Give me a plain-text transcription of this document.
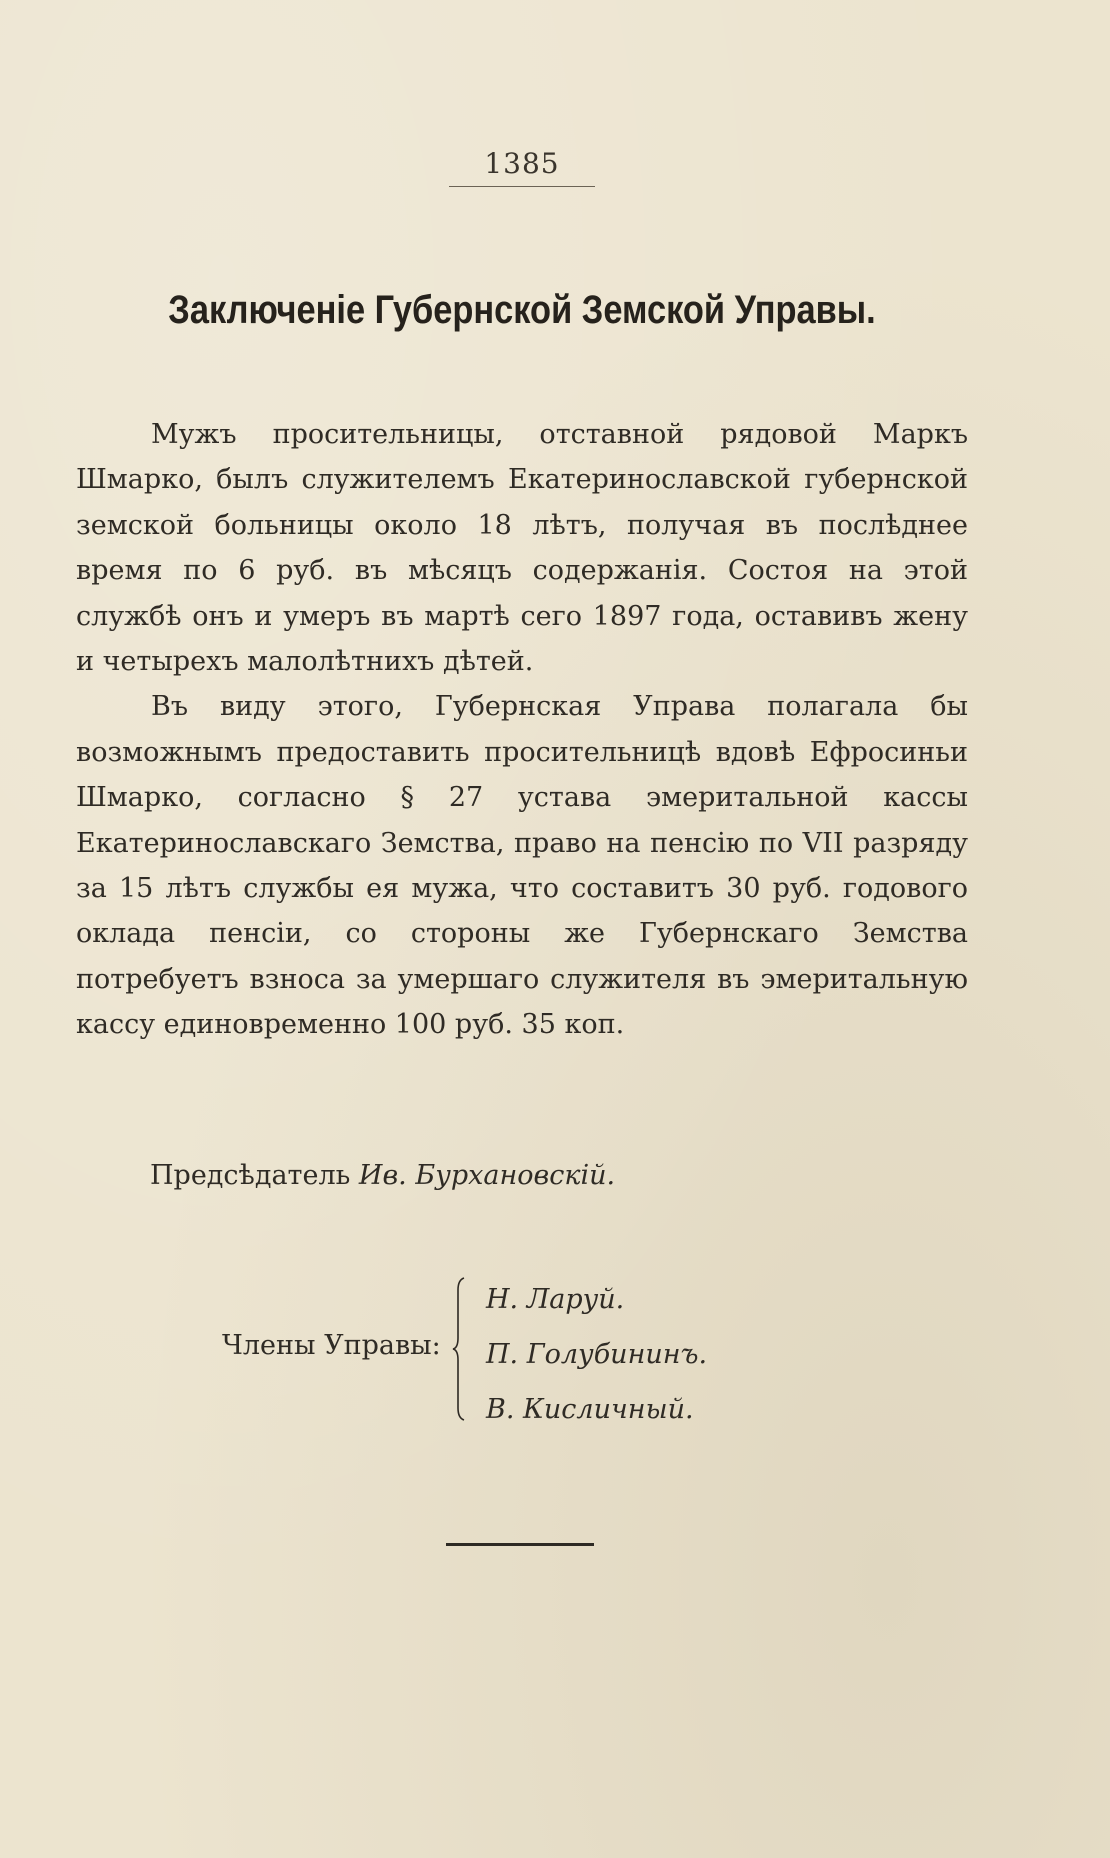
1385
Заключенiе Губернской Земской Управы.

Мужъ просительницы, отставной рядовой Маркъ Шмарко, былъ служителемъ Екатеринославской губернской земской больницы около 18 лѣтъ, получая въ послѣднее время по 6 руб. въ мѣсяцъ содержанiя. Состоя на этой службѣ онъ и умеръ въ мартѣ сего 1897 года, оставивъ жену и четырехъ малолѣтнихъ дѣтей.

Въ виду этого, Губернская Управа полагала бы возможнымъ предоставить просительницѣ вдовѣ Ефросиньи Шмарко, согласно § 27 устава эмеритальной кассы Екатеринославскаго Земства, право на пенсiю по VII разряду за 15 лѣтъ службы ея мужа, что составитъ 30 руб. годового оклада пенсiи, со стороны же Губернскаго Земства потребуетъ взноса за умершаго служителя въ эмеритальную кассу единовременно 100 руб. 35 коп.

Предсѣдатель Ив. Бурхановскiй.
Члены Управы:
Н. Ларуй.
П. Голубининъ.
В. Кисличный.
